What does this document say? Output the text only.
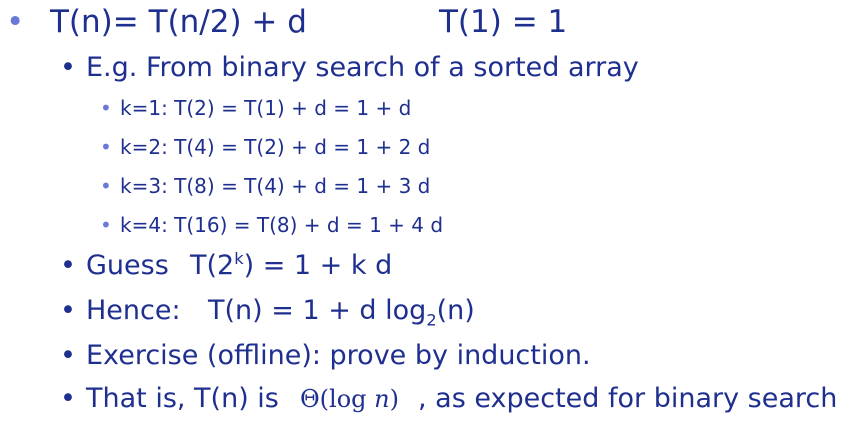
• T(n)= T(n/2) + d	T(1) = 1
• E.g. From binary search of a sorted array
• k=1: T(2) = T(1) + d = 1 + d
• k=2: T(4) = T(2) + d = 1 + 2 d
• k=3: T(8) = T(4) + d = 1 + 3 d
• k=4: T(16) = T(8) + d = 1 + 4 d
• Guess $T(2^k) = 1 + k$ d
• Hence: T(n) = 1 + d $\log_2(n)$
• Exercise (offline): prove by induction.
• That is, T(n) is Θ(log n) , as expected for binary search
